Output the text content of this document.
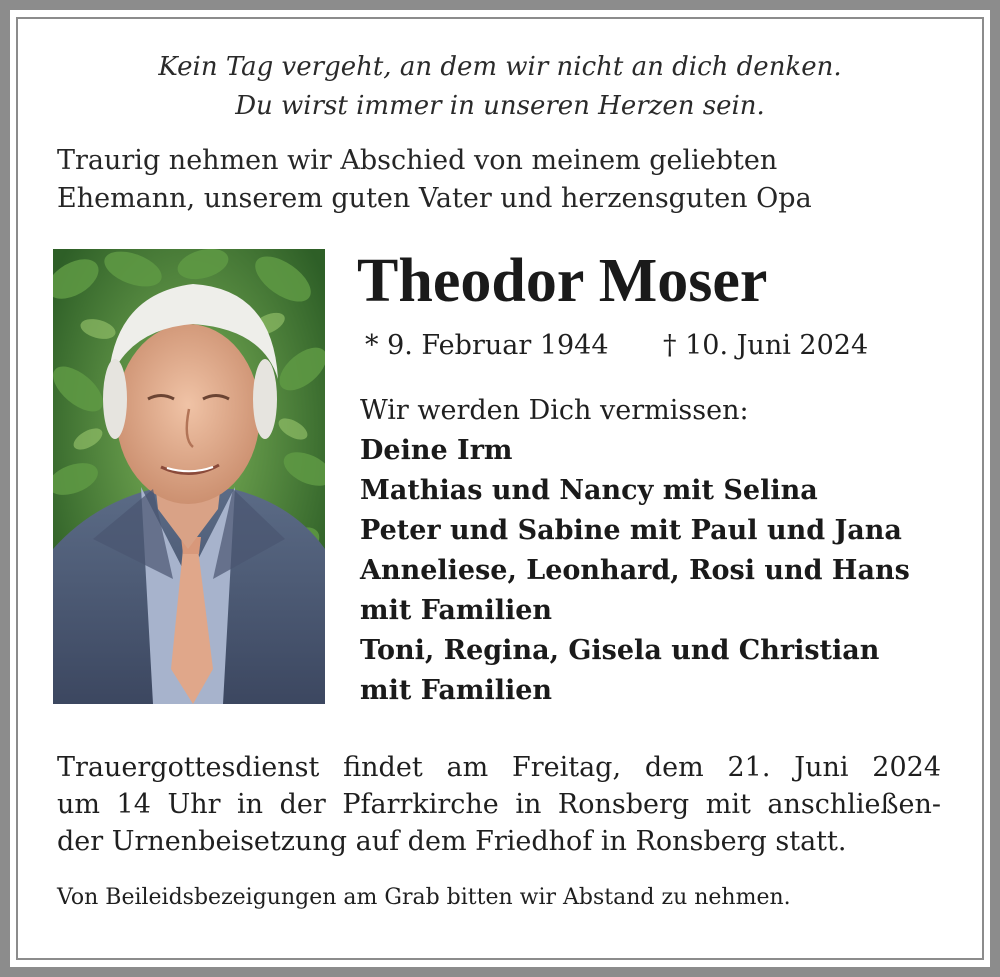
Kein Tag vergeht, an dem wir nicht an dich denken.
Du wirst immer in unseren Herzen sein.
Traurig nehmen wir Abschied von meinem geliebten
Ehemann, unserem guten Vater und herzensguten Opa
Theodor Moser
* 9. Februar 1944 † 10. Juni 2024
Wir werden Dich vermissen:
Deine Irm
Mathias und Nancy mit Selina
Peter und Sabine mit Paul und Jana
Anneliese, Leonhard, Rosi und Hans
mit Familien
Toni, Regina, Gisela und Christian
mit Familien
Trauergottesdienst findet am Freitag, dem 21. Juni 2024
um 14 Uhr in der Pfarrkirche in Ronsberg mit anschließen-
der Urnenbeisetzung auf dem Friedhof in Ronsberg statt.
Von Beileidsbezeigungen am Grab bitten wir Abstand zu nehmen.
